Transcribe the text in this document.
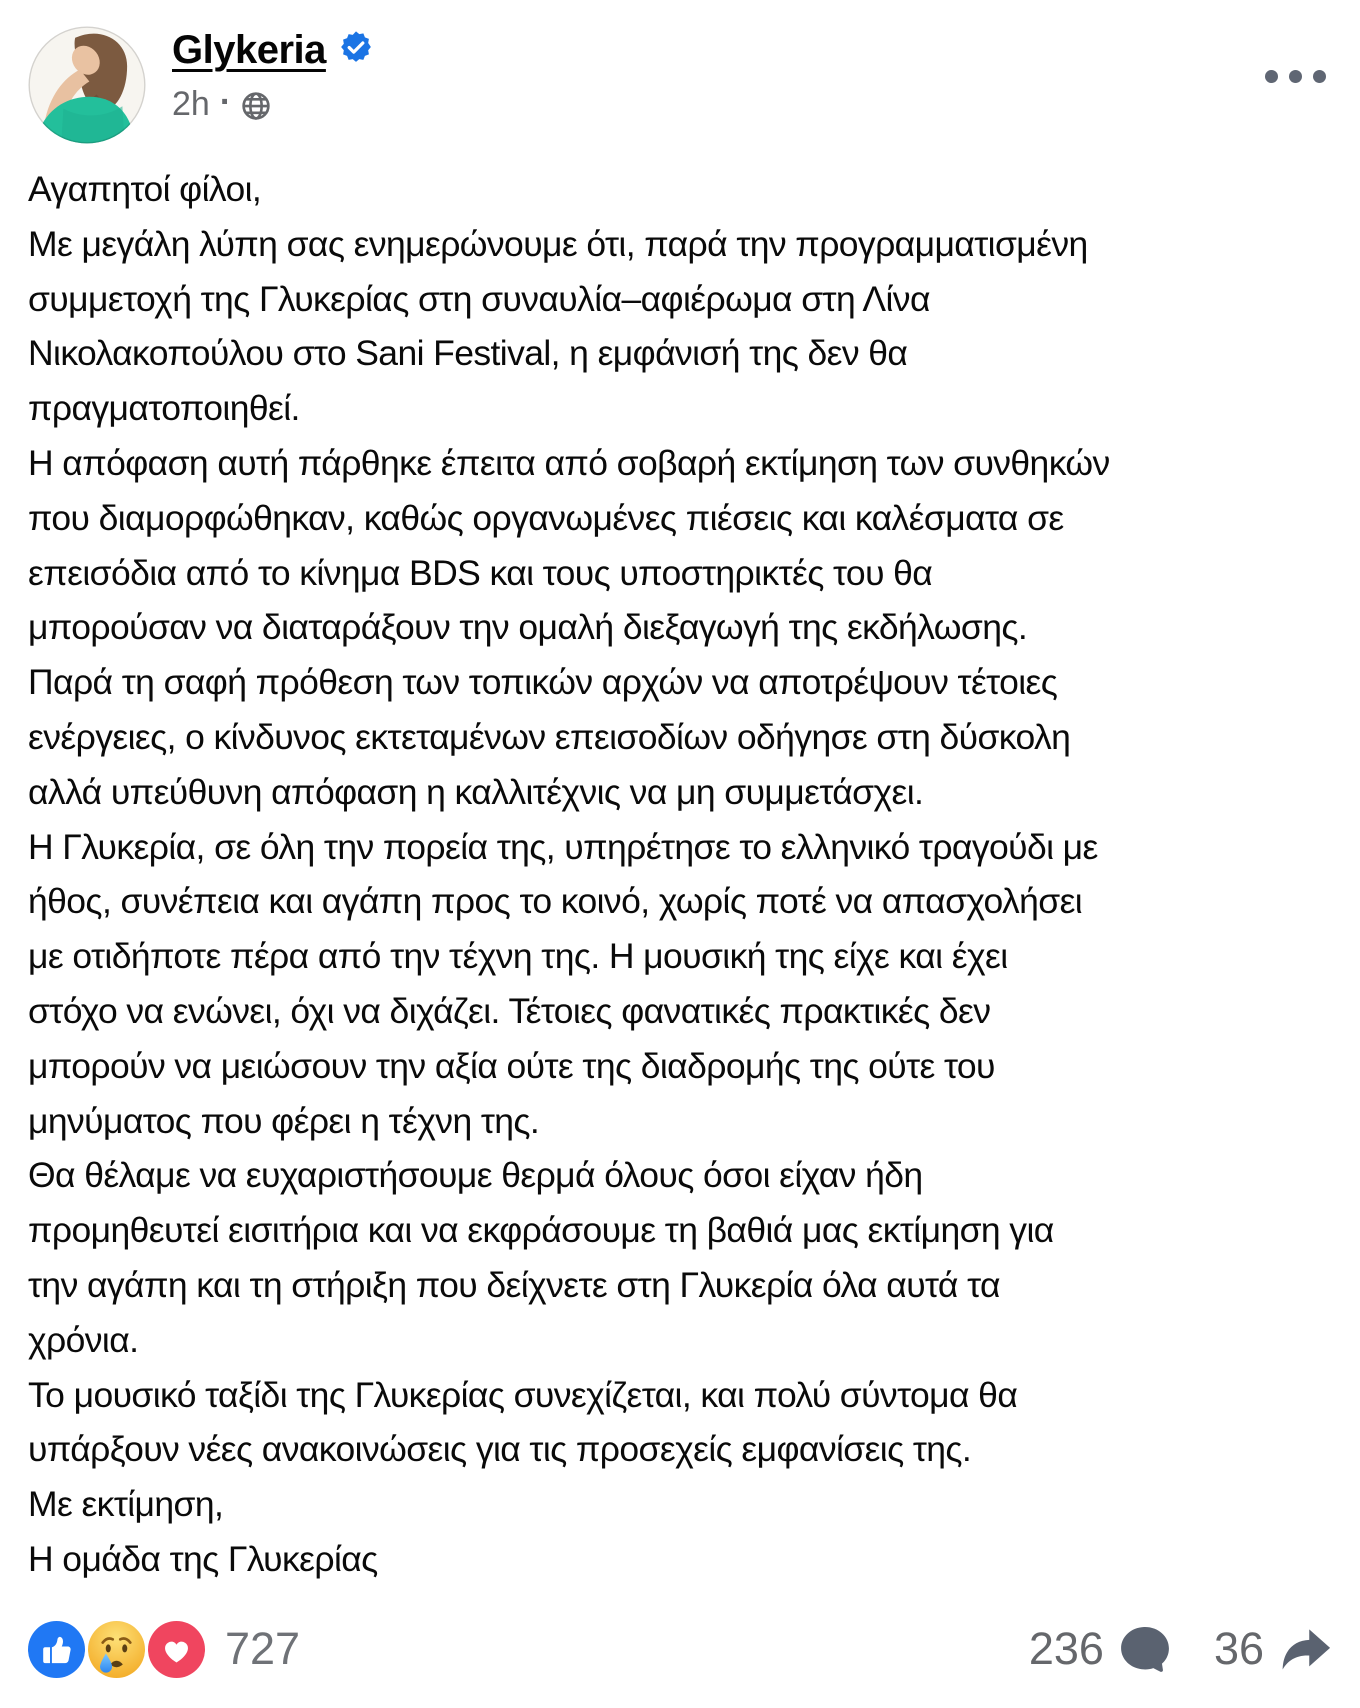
Glykeria
2h ·
Αγαπητοί φίλοι,
Με μεγάλη λύπη σας ενημερώνουμε ότι, παρά την προγραμματισμένη
συμμετοχή της Γλυκερίας στη συναυλία–αφιέρωμα στη Λίνα
Νικολακοπούλου στο Sani Festival, η εμφάνισή της δεν θα
πραγματοποιηθεί.
Η απόφαση αυτή πάρθηκε έπειτα από σοβαρή εκτίμηση των συνθηκών
που διαμορφώθηκαν, καθώς οργανωμένες πιέσεις και καλέσματα σε
επεισόδια από το κίνημα BDS και τους υποστηρικτές του θα
μπορούσαν να διαταράξουν την ομαλή διεξαγωγή της εκδήλωσης.
Παρά τη σαφή πρόθεση των τοπικών αρχών να αποτρέψουν τέτοιες
ενέργειες, ο κίνδυνος εκτεταμένων επεισοδίων οδήγησε στη δύσκολη
αλλά υπεύθυνη απόφαση η καλλιτέχνις να μη συμμετάσχει.
Η Γλυκερία, σε όλη την πορεία της, υπηρέτησε το ελληνικό τραγούδι με
ήθος, συνέπεια και αγάπη προς το κοινό, χωρίς ποτέ να απασχολήσει
με οτιδήποτε πέρα από την τέχνη της. Η μουσική της είχε και έχει
στόχο να ενώνει, όχι να διχάζει. Τέτοιες φανατικές πρακτικές δεν
μπορούν να μειώσουν την αξία ούτε της διαδρομής της ούτε του
μηνύματος που φέρει η τέχνη της.
Θα θέλαμε να ευχαριστήσουμε θερμά όλους όσοι είχαν ήδη
προμηθευτεί εισιτήρια και να εκφράσουμε τη βαθιά μας εκτίμηση για
την αγάπη και τη στήριξη που δείχνετε στη Γλυκερία όλα αυτά τα
χρόνια.
Το μουσικό ταξίδι της Γλυκερίας συνεχίζεται, και πολύ σύντομα θα
υπάρξουν νέες ανακοινώσεις για τις προσεχείς εμφανίσεις της.
Με εκτίμηση,
Η ομάδα της Γλυκερίας
727	236 36
